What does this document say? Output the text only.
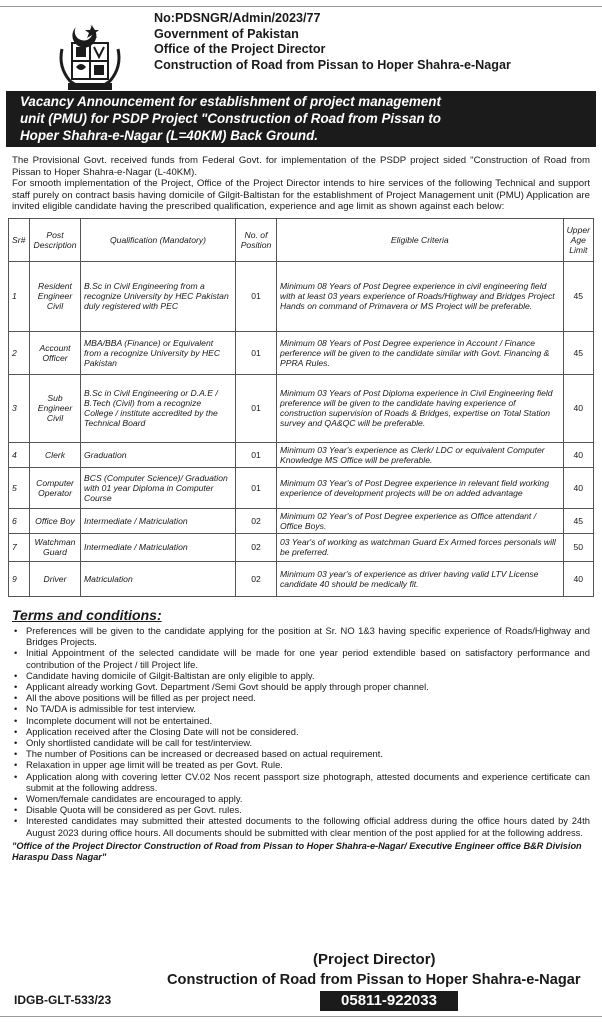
No:PDSNGR/Admin/2023/77
Government of Pakistan
Office of the Project Director
Construction of Road from Pissan to Hoper Shahra-e-Nagar
Vacancy Announcement for establishment of project management
unit (PMU) for PSDP Project "Construction of Road from Pissan to
Hoper Shahra-e-Nagar (L=40KM) Back Ground.
The Provisional Govt. received funds from Federal Govt. for implementation of the PSDP project sided "Construction of Road from Pissan to Hoper Shahra-e-Nagar (L-40KM).
For smooth implementation of the Project, Office of the Project Director intends to hire services of the following Technical and support staff purely on contract basis having domicile of Gilgit-Baltistan for the establishment of Project Management unit (PMU) Application are invited eligible candidate having the prescribed qualification, experience and age limit as shown against each below:
Sr#	Post Description	Qualification (Mandatory)	No. of Position	Eligible Criteria	Upper Age Limit
1	Resident Engineer Civil	B.Sc in Civil Engineering from a recognize University by HEC Pakistan duly registered with PEC	01	Minimum 08 Years of Post Degree experience in civil engineering field with at least 03 years experience of Roads/Highway and Bridges Project Hands on command of Primavera or MS Project will be preferable.	45
2	Account Officer	MBA/BBA (Finance) or Equivalent from a recognize University by HEC Pakistan	01	Minimum 08 Years of Post Degree experience in Account / Finance perference will be given to the candidate similar with Govt. Financing & PPRA Rules.	45
3	Sub Engineer Civil	B.Sc in Civil Engineering or D.A.E / B.Tech (Civil) from a recognize College / institute accredited by the Technical Board	01	Minimum 03 Years of Post Diploma experience in Civil Engineering field preference will be given to the candidate having experience of construction supervision of Roads & Bridges, expertise on Total Station survey and QA&QC will be preferable.	40
4	Clerk	Graduation	01	Minimum 03 Year's experience as Clerk/ LDC or equivalent Computer Knowledge MS Office will be preferable.	40
5	Computer Operator	BCS (Computer Science)/ Graduation with 01 year Diploma in Computer Course	01	Minimum 03 Year's of Post Degree experience in relevant field working experience of development projects will be on added advantage	40
6	Office Boy	Intermediate / Matriculation	02	Minimum 02 Year's of Post Degree experience as Office attendant / Office Boys.	45
7	Watchman Guard	Intermediate / Matriculation	02	03 Year's of working as watchman Guard Ex Armed forces personals will be preferred.	50
9	Driver	Matriculation	02	Minimum 03 year's of experience as driver having valid LTV License candidate 40 should be medically fit.	40
Terms and conditions:
• Preferences will be given to the candidate applying for the position at Sr. NO 1&3 having specific experience of Roads/Highway and Bridges Projects.
• Initial Appointment of the selected candidate will be made for one year period extendible based on satisfactory performance and contribution of the Project / till Project life.
• Candidate having domicile of Gilgit-Baltistan are only eligible to apply.
• Applicant already working Govt. Department /Semi Govt should be apply through proper channel.
• All the above positions will be filled as per project need.
• No TA/DA is admissible for test interview.
• Incomplete document will not be entertained.
• Application received after the Closing Date will not be considered.
• Only shortlisted candidate will be call for test/interview.
• The number of Positions can be increased or decreased based on actual requirement.
• Relaxation in upper age limit will be treated as per Govt. Rule.
• Application along with covering letter CV.02 Nos recent passport size photograph, attested documents and experience certificate can submit at the following address.
• Women/female candidates are encouraged to apply.
• Disable Quota will be considered as per Govt. rules.
• Interested candidates may submitted their attested documents to the following official address during the office hours dated by 24th August 2023 during office hours. All documents should be submitted with clear mention of the post applied for at the following address.
"Office of the Project Director Construction of Road from Pissan to Hoper Shahra-e-Nagar/ Executive Engineer office B&R Division Haraspu Dass Nagar"
(Project Director)
Construction of Road from Pissan to Hoper Shahra-e-Nagar
IDGB-GLT-533/23	05811-922033
